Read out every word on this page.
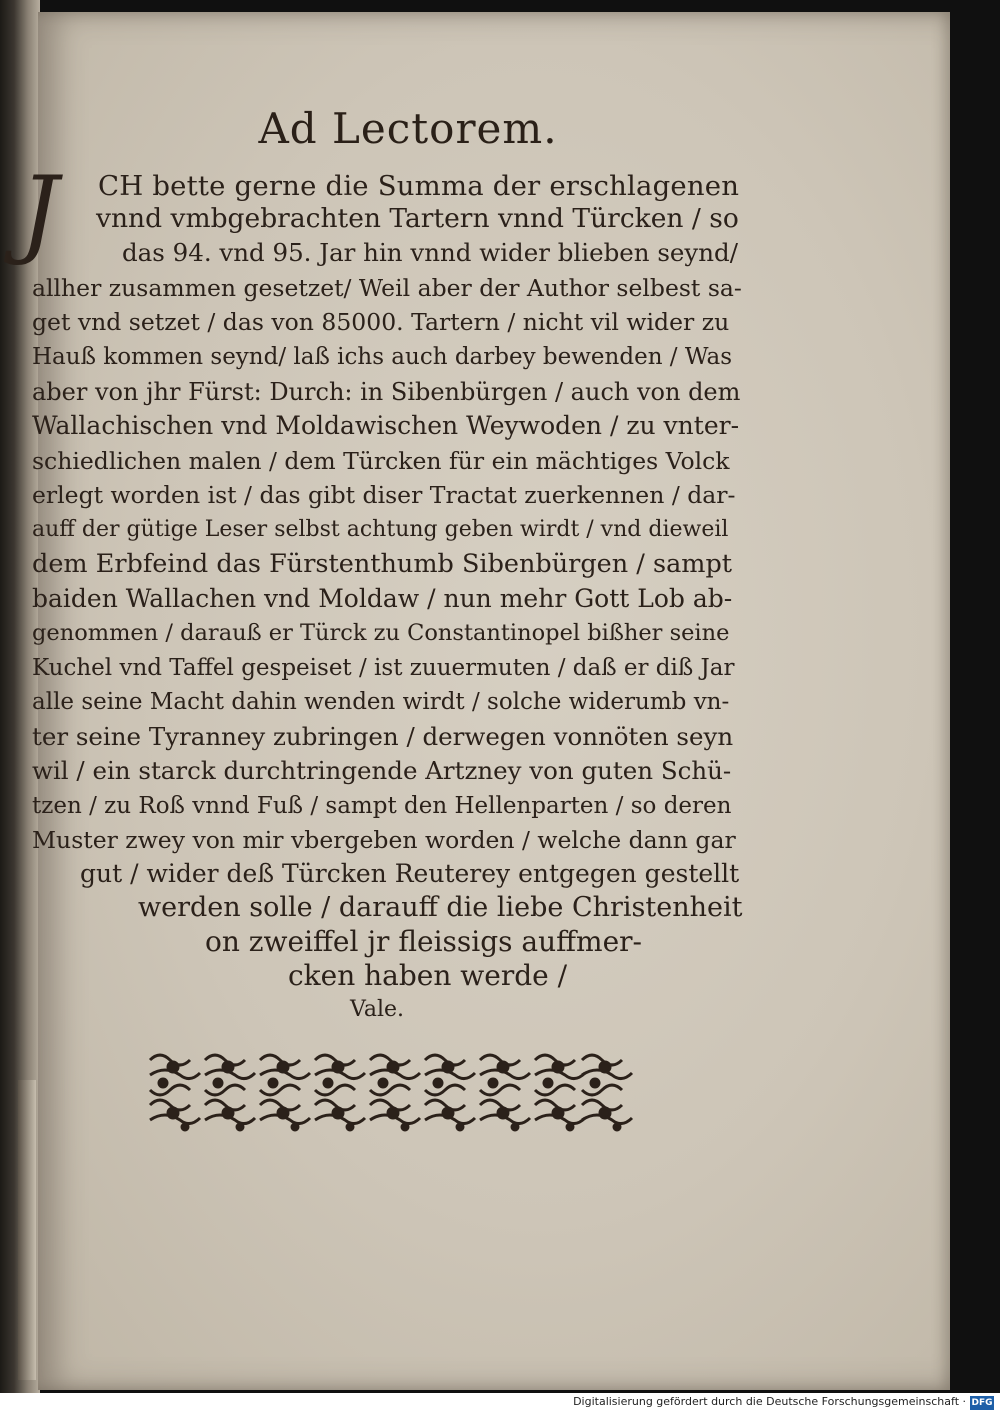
Ad Lectorem.
J	CH bette gerne die Summa der erschlagenen
vnnd vmbgebrachten Tartern vnnd Türcken / so
das 94. vnd 95. Jar hin vnnd wider blieben seynd/
allher zusammen gesetzet/ Weil aber der Author selbest sa-
get vnd setzet / das von 85000. Tartern / nicht vil wider zu
Hauß kommen seynd/ laß ichs auch darbey bewenden / Was
aber von jhr Fürst: Durch: in Sibenbürgen / auch von dem
Wallachischen vnd Moldawischen Weywoden / zu vnter-
schiedlichen malen / dem Türcken für ein mächtiges Volck
erlegt worden ist / das gibt diser Tractat zuerkennen / dar-
auff der gütige Leser selbst achtung geben wirdt / vnd dieweil
dem Erbfeind das Fürstenthumb Sibenbürgen / sampt
baiden Wallachen vnd Moldaw / nun mehr Gott Lob ab-
genommen / darauß er Türck zu Constantinopel bißher seine
Kuchel vnd Taffel gespeiset / ist zuuermuten / daß er diß Jar
alle seine Macht dahin wenden wirdt / solche widerumb vn-
ter seine Tyranney zubringen / derwegen vonnöten seyn
wil / ein starck durchtringende Artzney von guten Schü-
tzen / zu Roß vnnd Fuß / sampt den Hellenparten / so deren
Muster zwey von mir vbergeben worden / welche dann gar
gut / wider deß Türcken Reuterey entgegen gestellt
werden solle / darauff die liebe Christenheit
on zweiffel jr fleissigs auffmer-
cken haben werde /
Vale.
Digitalisierung gefördert durch die Deutsche Forschungsgemeinschaft · DFG
